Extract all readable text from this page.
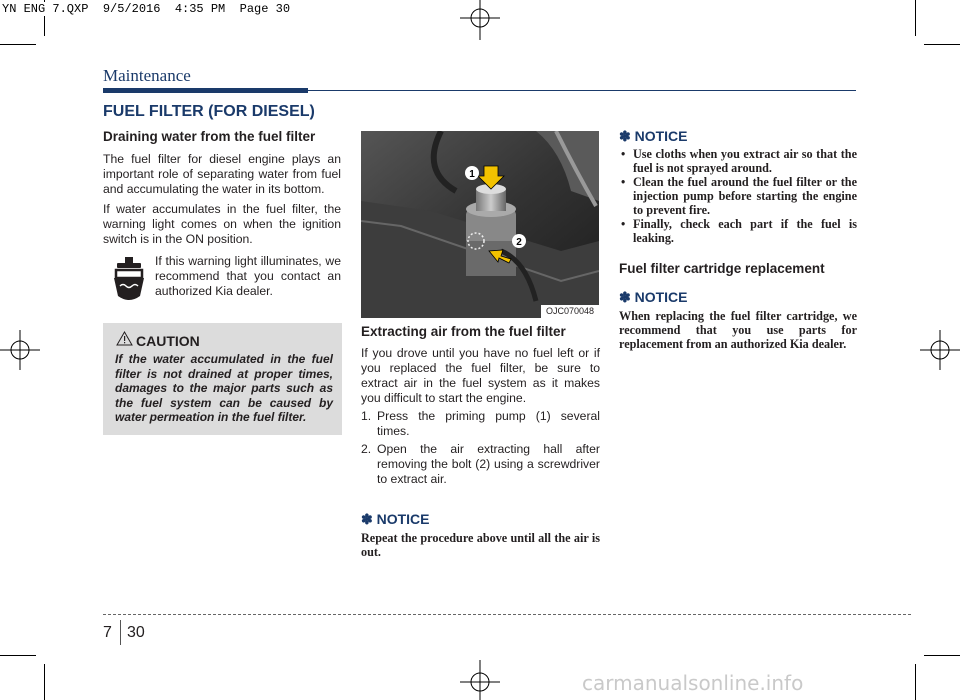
YN ENG 7.QXP  9/5/2016  4:35 PM  Page 30
Maintenance
FUEL FILTER (FOR DIESEL)
Draining water from the fuel filter

The fuel filter for diesel engine plays an important role of separating water from fuel and accumulating the water in its bottom.

If water accumulates in the fuel filter, the warning light comes on when the ignition switch is in the ON position.

If this warning light illuminates, we recommend that you contact an authorized Kia dealer.

CAUTION
If the water accumulated in the fuel filter is not drained at proper times, damages to the major parts such as the fuel system can be caused by water permeation in the fuel filter.
1
2
OJC070048
Extracting air from the fuel filter

If you drove until you have no fuel left or if you replaced the fuel filter, be sure to extract air in the fuel system as it makes you difficult to start the engine.

1. Press the priming pump (1) several times.
2. Open the air extracting hall after removing the bolt (2) using a screwdriver to extract air.
✽ NOTICE
Repeat the procedure above until all the air is out.
✽ NOTICE
• Use cloths when you extract air so that the fuel is not sprayed around.
• Clean the fuel around the fuel filter or the injection pump before starting the engine to prevent fire.
• Finally, check each part if the fuel is leaking.
Fuel filter cartridge replacement
✽ NOTICE
When replacing the fuel filter cartridge, we recommend that you use parts for replacement from an authorized Kia dealer.
7 30
carmanualsonline.info
